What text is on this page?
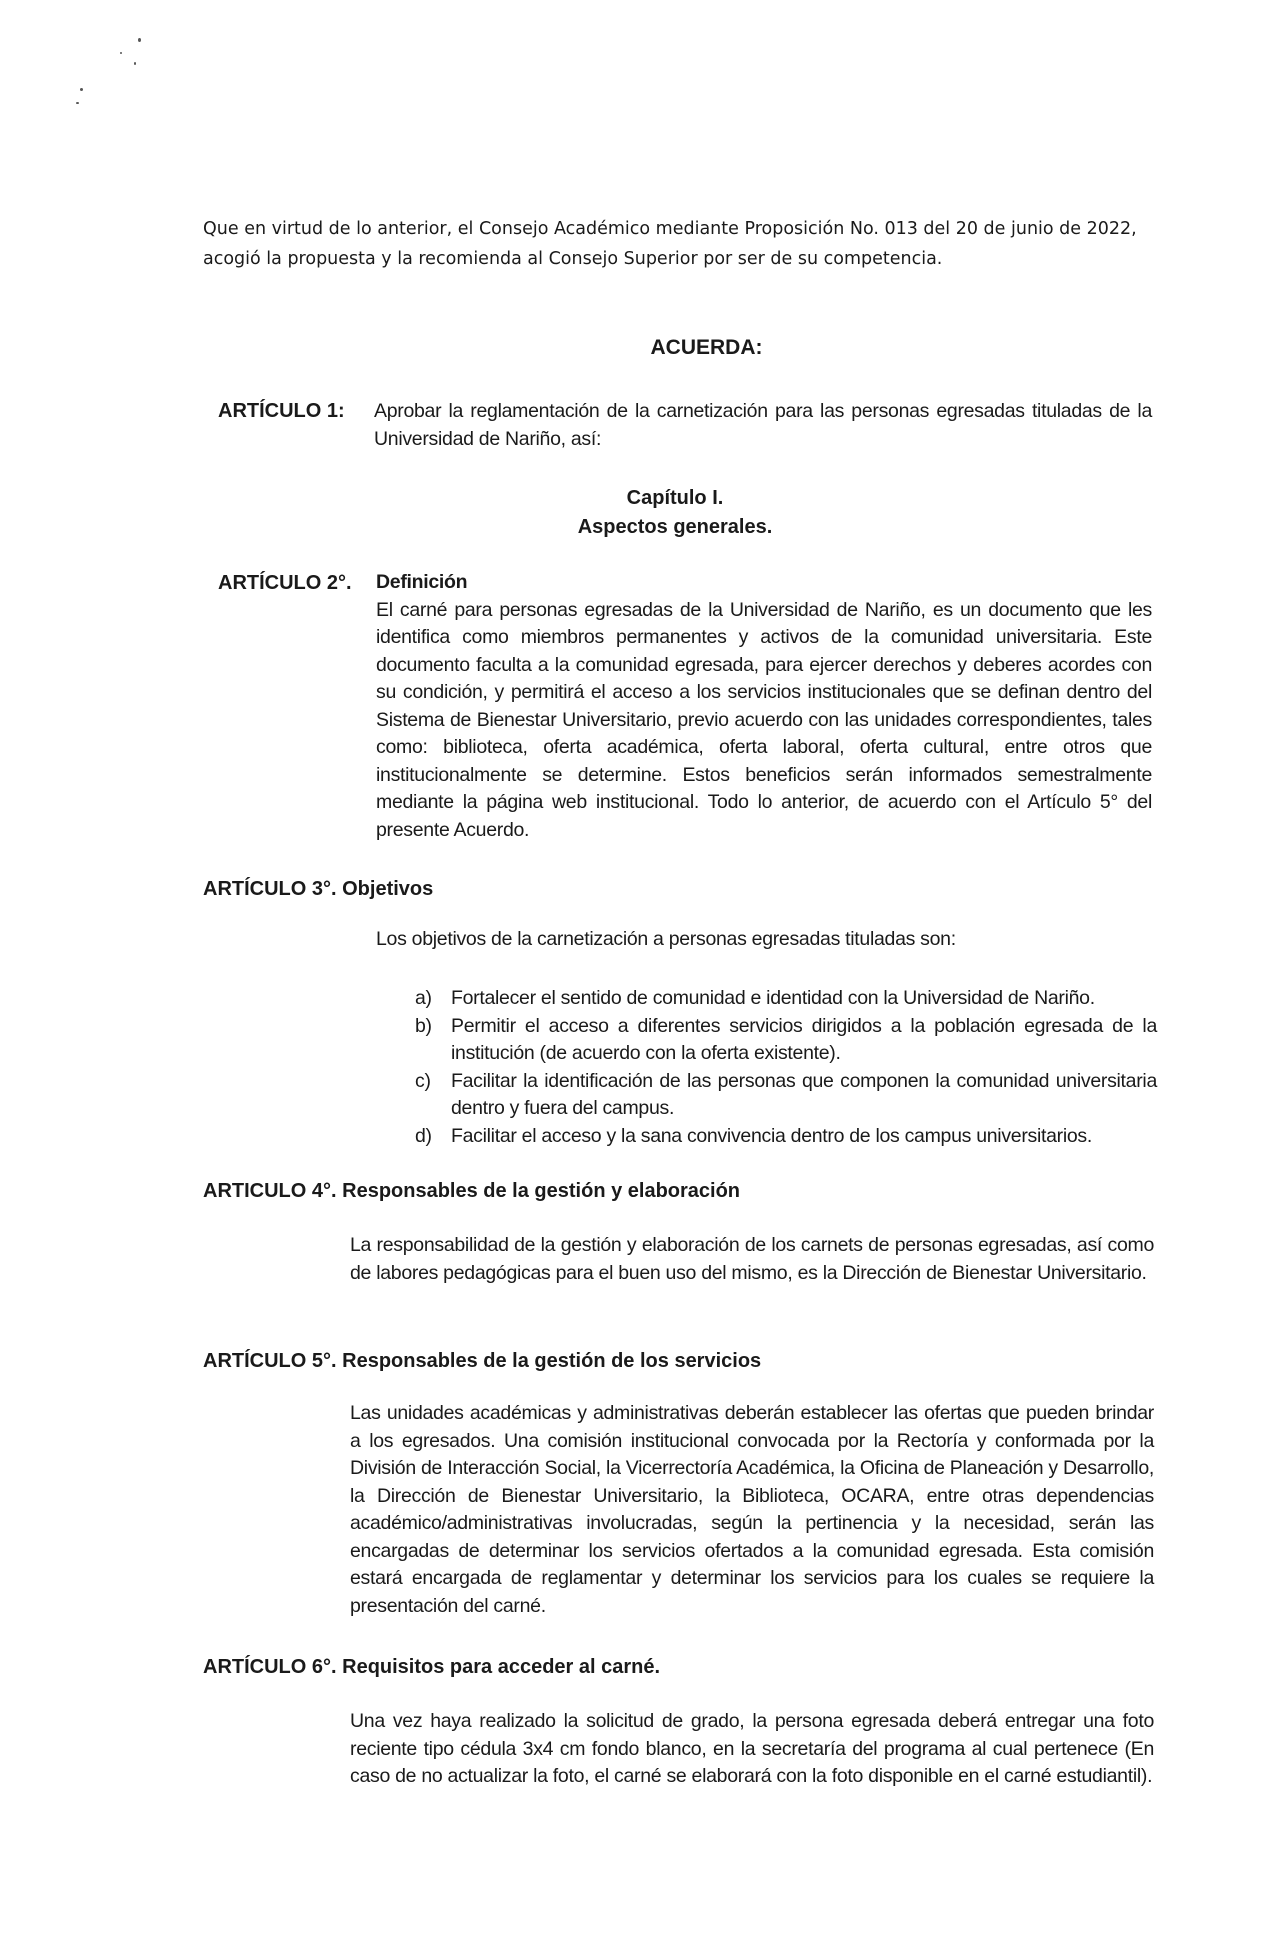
Que en virtud de lo anterior, el Consejo Académico mediante Proposición No. 013 del 20 de junio de 2022, acogió la propuesta y la recomienda al Consejo Superior por ser de su competencia.

ACUERDA:
ARTÍCULO 1: Aprobar la reglamentación de la carnetización para las personas egresadas tituladas de la Universidad de Nariño, así:

Capítulo I.
Aspectos generales.
ARTÍCULO 2°. Definición
El carné para personas egresadas de la Universidad de Nariño, es un documento que les identifica como miembros permanentes y activos de la comunidad universitaria. Este documento faculta a la comunidad egresada, para ejercer derechos y deberes acordes con su condición, y permitirá el acceso a los servicios institucionales que se definan dentro del Sistema de Bienestar Universitario, previo acuerdo con las unidades correspondientes, tales como: biblioteca, oferta académica, oferta laboral, oferta cultural, entre otros que institucionalmente se determine. Estos beneficios serán informados semestralmente mediante la página web institucional. Todo lo anterior, de acuerdo con el Artículo 5° del presente Acuerdo.
ARTÍCULO 3°. Objetivos

Los objetivos de la carnetización a personas egresadas tituladas son:

a) Fortalecer el sentido de comunidad e identidad con la Universidad de Nariño.
b) Permitir el acceso a diferentes servicios dirigidos a la población egresada de la institución (de acuerdo con la oferta existente).
c)	Facilitar la identificación de las personas que componen la comunidad universitaria dentro y fuera del campus.
d) Facilitar el acceso y la sana convivencia dentro de los campus universitarios.
ARTICULO 4°. Responsables de la gestión y elaboración

La responsabilidad de la gestión y elaboración de los carnets de personas egresadas, así como de labores pedagógicas para el buen uso del mismo, es la Dirección de Bienestar Universitario.

ARTÍCULO 5°. Responsables de la gestión de los servicios

Las unidades académicas y administrativas deberán establecer las ofertas que pueden brindar a los egresados. Una comisión institucional convocada por la Rectoría y conformada por la División de Interacción Social, la Vicerrectoría Académica, la Oficina de Planeación y Desarrollo, la Dirección de Bienestar Universitario, la Biblioteca, OCARA, entre otras dependencias académico/administrativas involucradas, según la pertinencia y la necesidad, serán las encargadas de determinar los servicios ofertados a la comunidad egresada. Esta comisión estará encargada de reglamentar y determinar los servicios para los cuales se requiere la presentación del carné.

ARTÍCULO 6°. Requisitos para acceder al carné.

Una vez haya realizado la solicitud de grado, la persona egresada deberá entregar una foto reciente tipo cédula 3x4 cm fondo blanco, en la secretaría del programa al cual pertenece (En caso de no actualizar la foto, el carné se elaborará con la foto disponible en el carné estudiantil).
